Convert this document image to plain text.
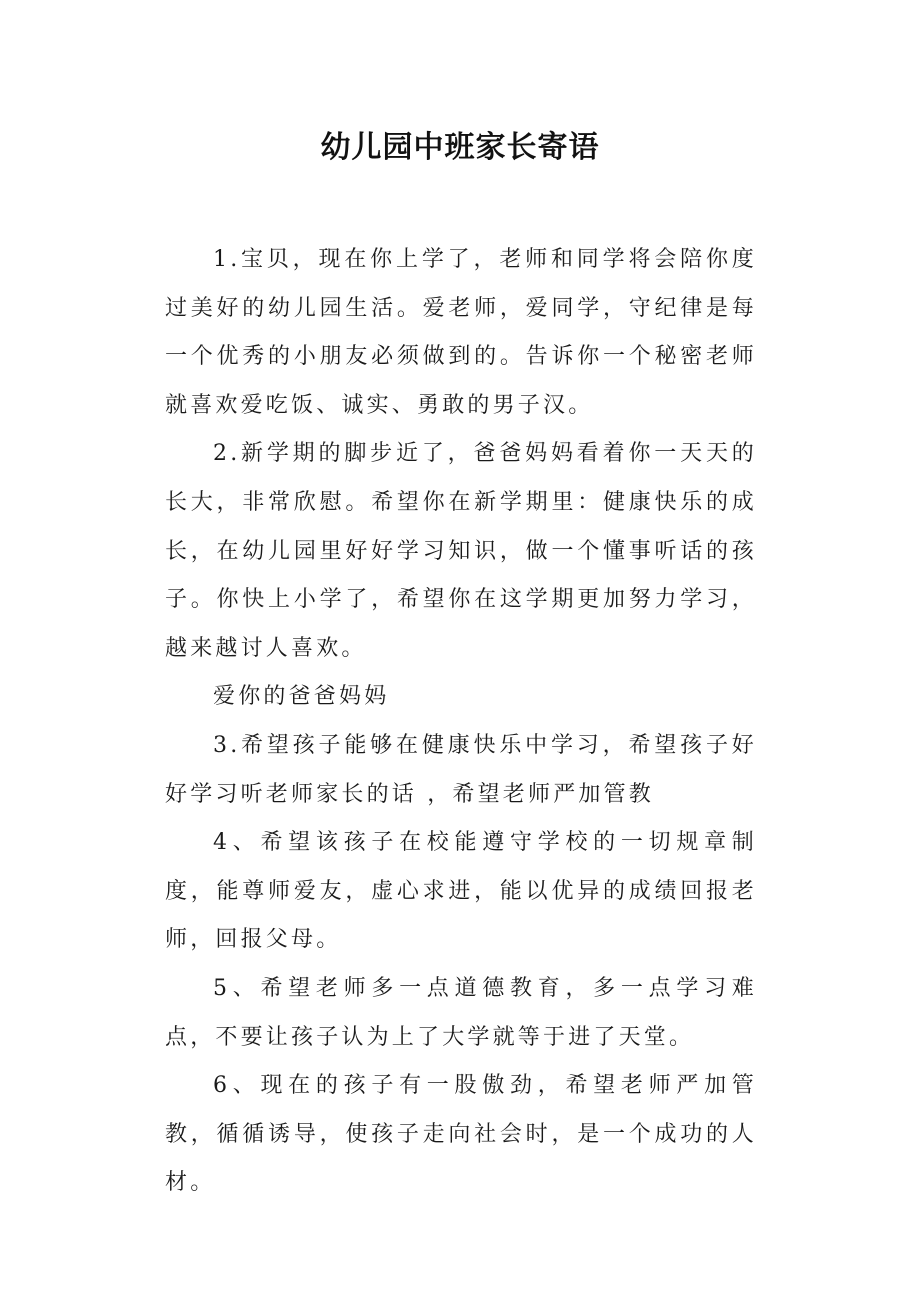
幼儿园中班家长寄语

1.宝贝，现在你上学了，老师和同学将会陪你度过美好的幼儿园生活。爱老师，爱同学，守纪律是每一个优秀的小朋友必须做到的。告诉你一个秘密老师就喜欢爱吃饭、诚实、勇敢的男子汉。

2.新学期的脚步近了，爸爸妈妈看着你一天天的长大，非常欣慰。希望你在新学期里：健康快乐的成长，在幼儿园里好好学习知识，做一个懂事听话的孩子。你快上小学了，希望你在这学期更加努力学习，越来越讨人喜欢。

爱你的爸爸妈妈

3.希望孩子能够在健康快乐中学习，希望孩子好好学习听老师家长的话 ，希望老师严加管教

4、希望该孩子在校能遵守学校的一切规章制度，能尊师爱友，虚心求进，能以优异的成绩回报老师，回报父母。

5、希望老师多一点道德教育，多一点学习难点，不要让孩子认为上了大学就等于进了天堂。

6、现在的孩子有一股傲劲，希望老师严加管教，循循诱导，使孩子走向社会时，是一个成功的人材。
